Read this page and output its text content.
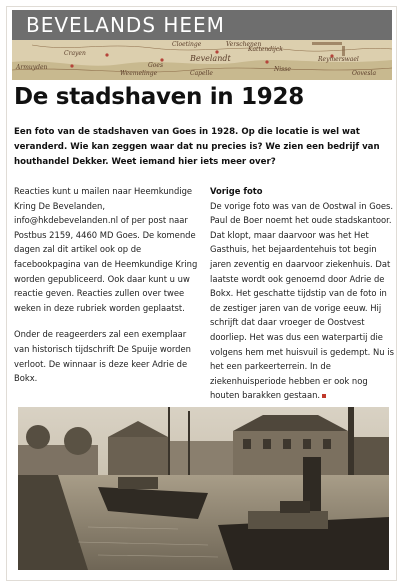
BEVELANDS HEEM
Armuyden
Cloetinge	Verschenen
Crayen
Goes
Weemelinge
Bevelandt
Capelle
Kattendijck
Reymerswael
Nisse
Oovesla
De stadshaven in 1928
Een foto van de stadshaven van Goes in 1928. Op die locatie is wel wat veranderd. Wie kan zeggen waar dat nu precies is? We zien een bedrijf van houthandel Dekker. Weet iemand hier iets meer over?

Reacties kunt u mailen naar Heemkundige Kring De Bevelanden, info@hkdebevelanden.nl of per post naar Postbus 2159, 4460 MD Goes. De komende dagen zal dit artikel ook op de facebookpagina van de Heemkundige Kring worden gepubliceerd. Ook daar kunt u uw reactie geven. Reacties zullen over twee weken in deze rubriek worden geplaatst.

Onder de reageerders zal een exemplaar van historisch tijdschrift De Spuije worden verloot. De winnaar is deze keer Adrie de Bokx.

Vorige foto

De vorige foto was van de Oostwal in Goes. Paul de Boer noemt het oude stadskantoor. Dat klopt, maar daarvoor was het Het Gasthuis, het bejaardentehuis tot begin jaren zeventig en daarvoor ziekenhuis. Dat laatste wordt ook genoemd door Adrie de Bokx. Het geschatte tijdstip van de foto in de zestiger jaren van de vorige eeuw. Hij schrijft dat daar vroeger de Oostvest doorliep. Het was dus een waterpartij die volgens hem met huisvuil is gedempt. Nu is het een parkeerterrein. In de ziekenhuisperiode hebben er ook nog houten barakken gestaan.
